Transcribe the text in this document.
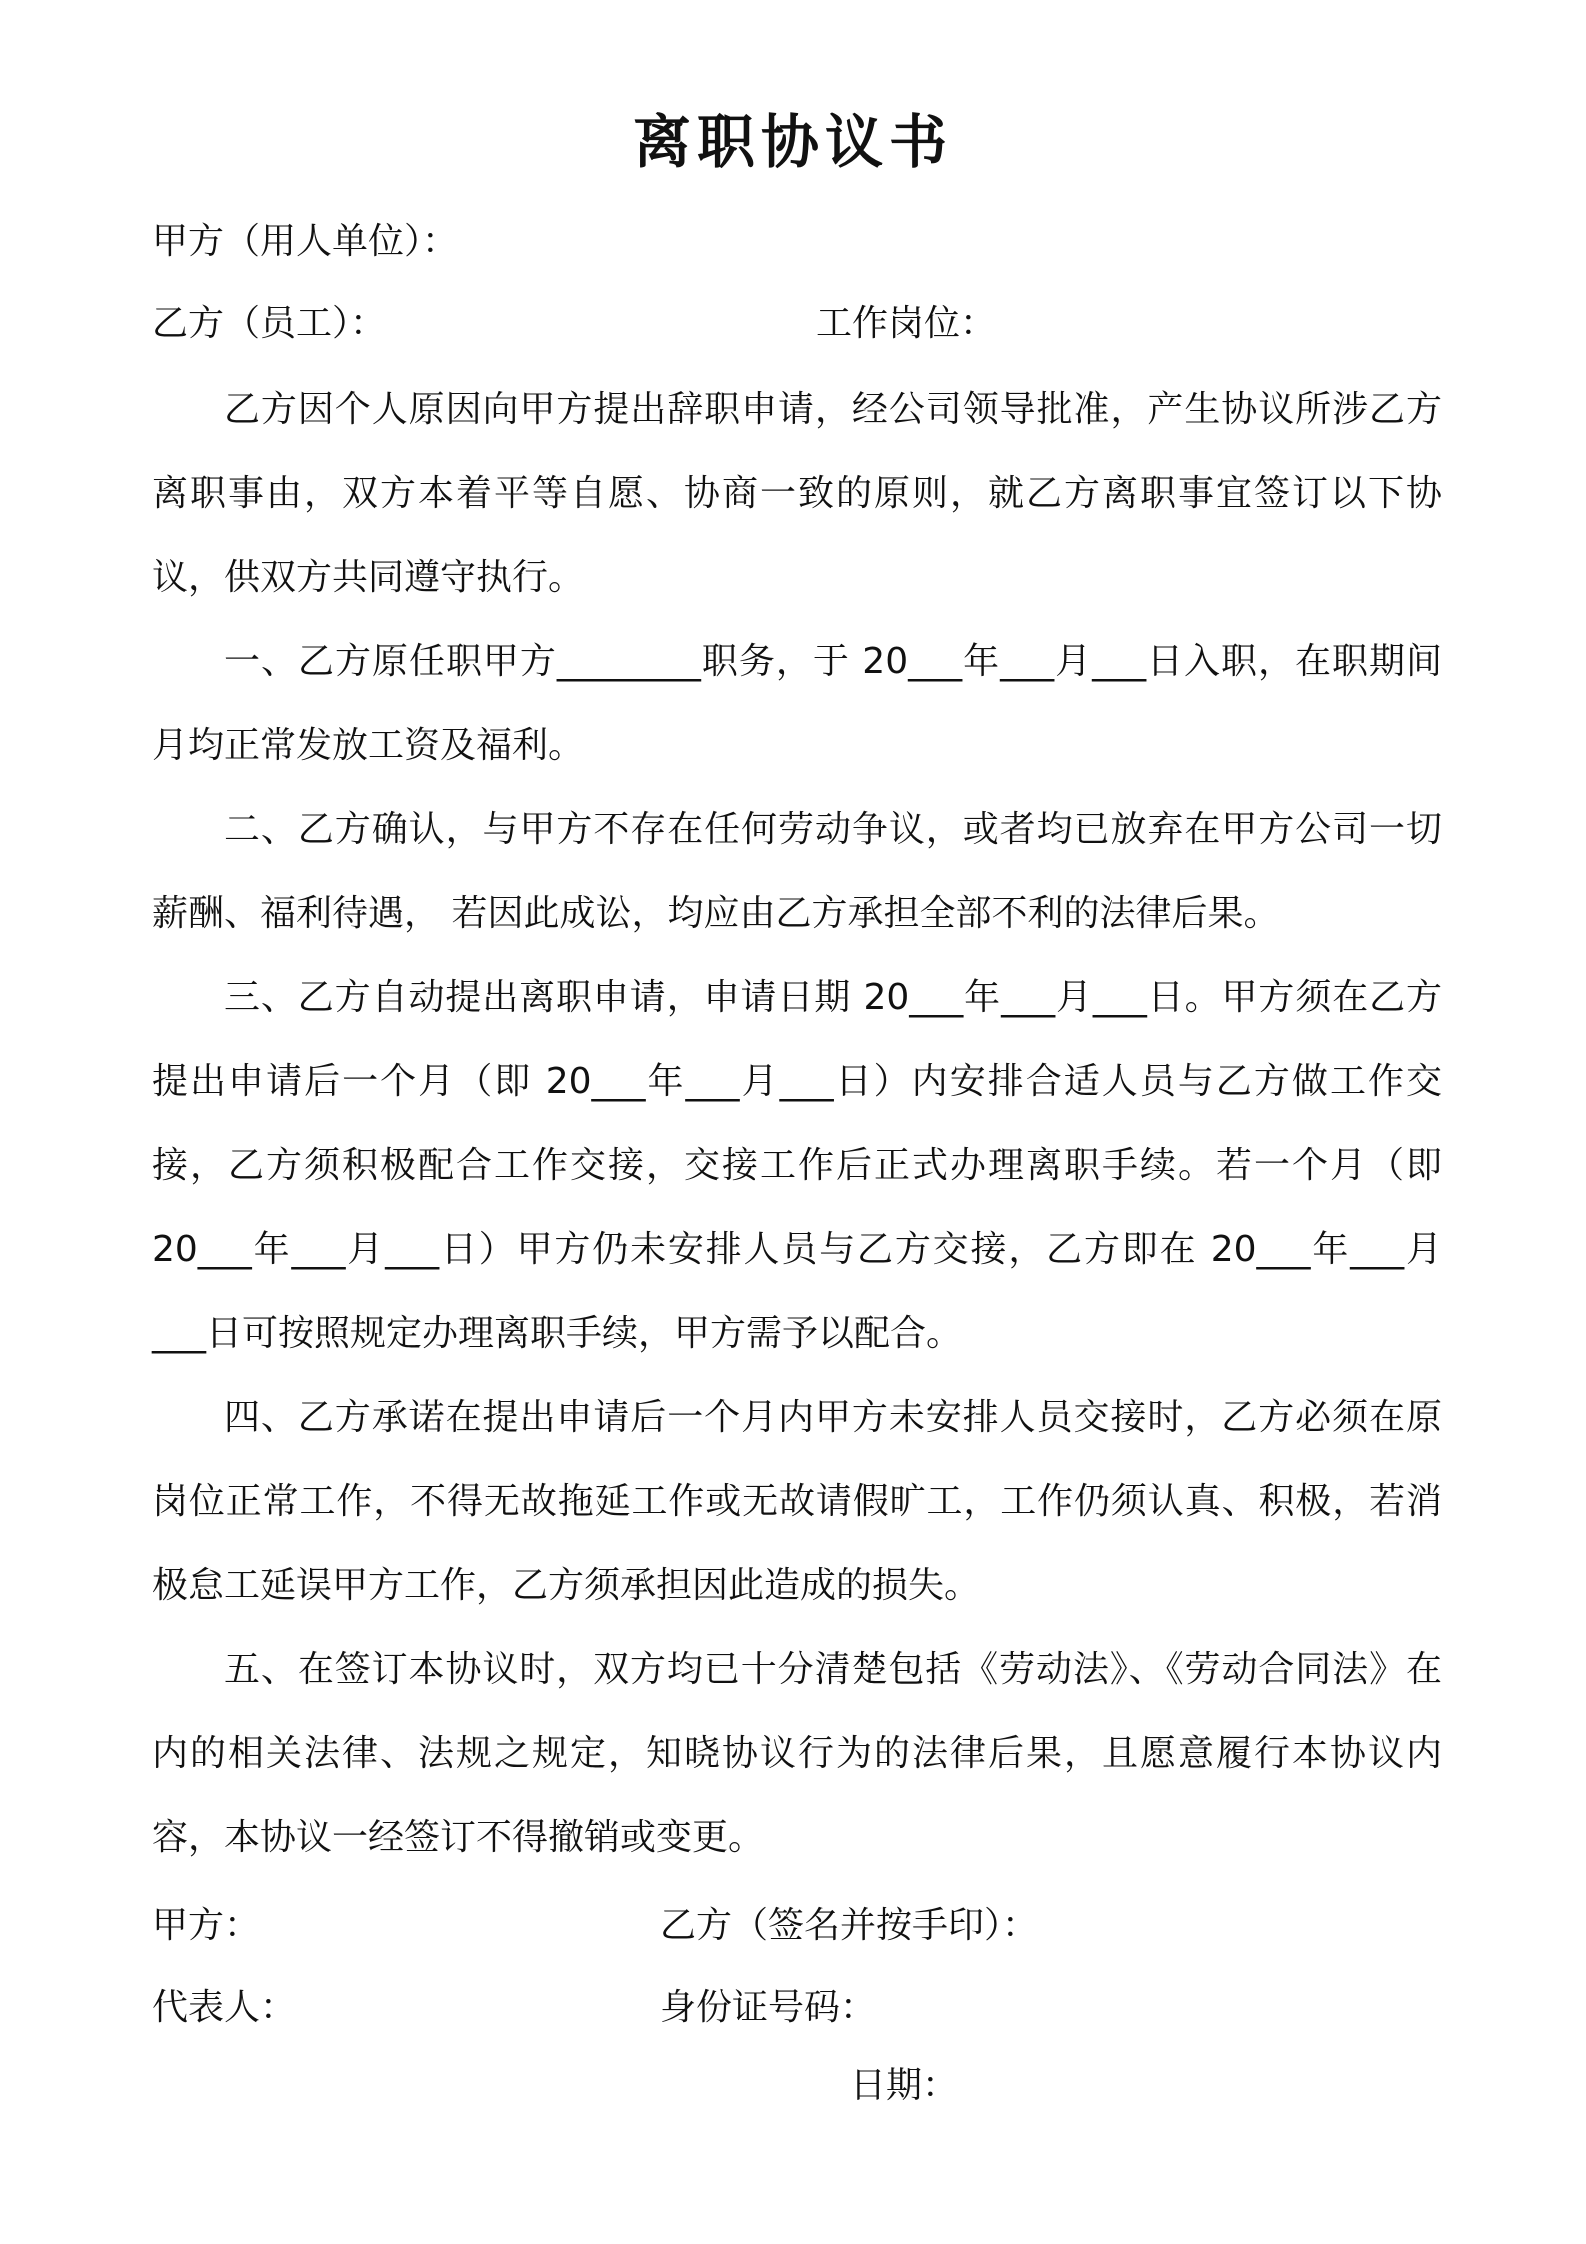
离职协议书
甲方（用人单位）：
乙方（员工）：	工作岗位：
乙方因个人原因向甲方提出辞职申请，经公司领导批准，产生协议所涉乙方离职事由，双方本着平等自愿、协商一致的原则，就乙方离职事宜签订以下协议，供双方共同遵守执行。
一、乙方原任职甲方________职务，于 20___年___月___日入职，在职期间月均正常发放工资及福利。
二、乙方确认，与甲方不存在任何劳动争议，或者均已放弃在甲方公司一切薪酬、福利待遇， 若因此成讼，均应由乙方承担全部不利的法律后果。
三、乙方自动提出离职申请，申请日期 20___年___月___日。甲方须在乙方提出申请后一个月（即 20___年___月___日）内安排合适人员与乙方做工作交接，乙方须积极配合工作交接，交接工作后正式办理离职手续。若一个月（即 20___年___月___日）甲方仍未安排人员与乙方交接，乙方即在 20___年___月___日可按照规定办理离职手续，甲方需予以配合。
四、乙方承诺在提出申请后一个月内甲方未安排人员交接时，乙方必须在原岗位正常工作，不得无故拖延工作或无故请假旷工，工作仍须认真、积极，若消极怠工延误甲方工作，乙方须承担因此造成的损失。
五、在签订本协议时，双方均已十分清楚包括《劳动法》、《劳动合同法》在内的相关法律、法规之规定，知晓协议行为的法律后果，且愿意履行本协议内容，本协议一经签订不得撤销或变更。
甲方：	乙方（签名并按手印）：
代表人：	身份证号码：
日期：
